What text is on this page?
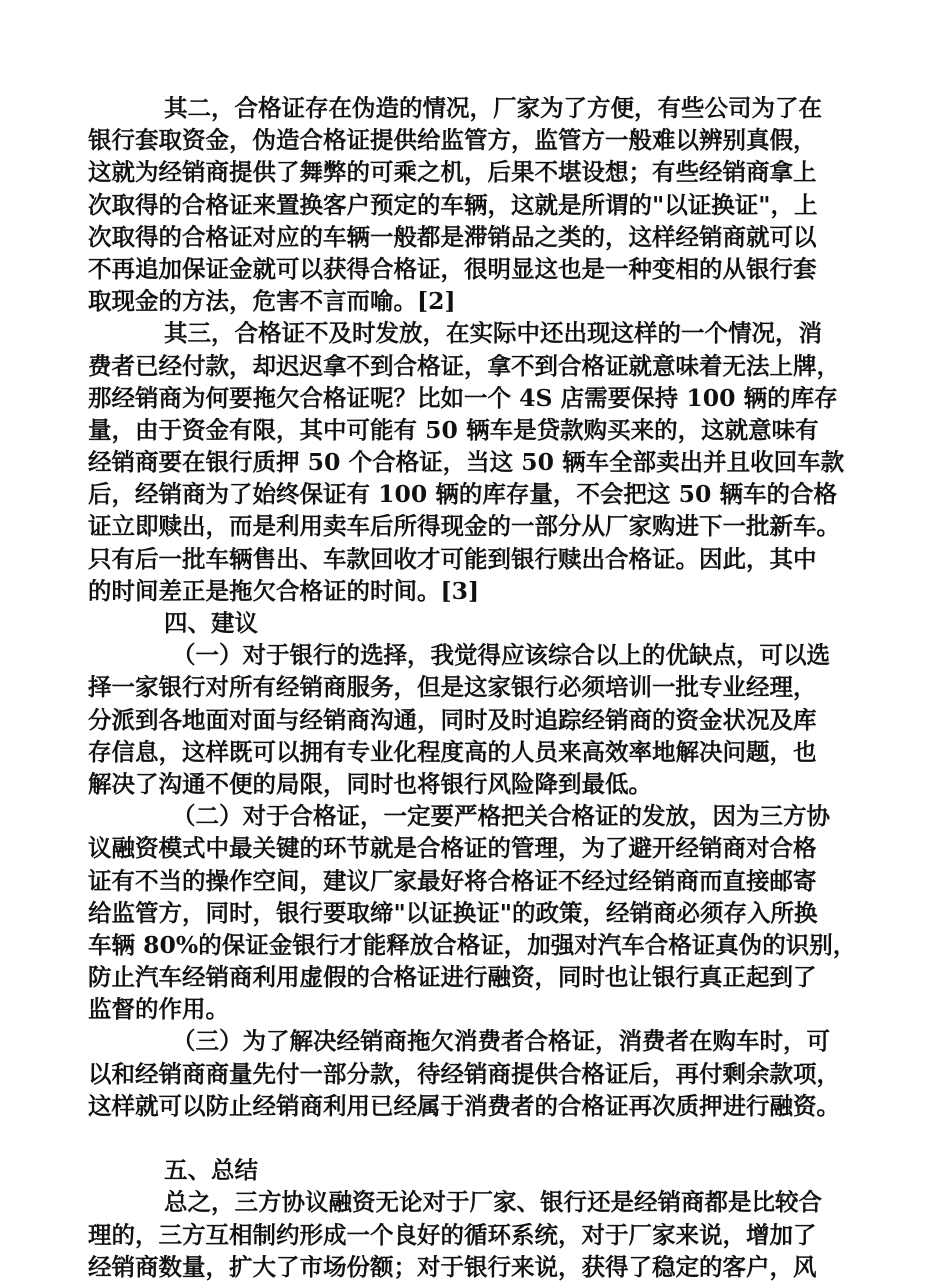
其二，合格证存在伪造的情况，厂家为了方便，有些公司为了在
银行套取资金，伪造合格证提供给监管方，监管方一般难以辨别真假，
这就为经销商提供了舞弊的可乘之机，后果不堪设想；有些经销商拿上
次取得的合格证来置换客户预定的车辆，这就是所谓的"以证换证"，上
次取得的合格证对应的车辆一般都是滞销品之类的，这样经销商就可以
不再追加保证金就可以获得合格证，很明显这也是一种变相的从银行套
取现金的方法，危害不言而喻。[2]
其三，合格证不及时发放，在实际中还出现这样的一个情况，消
费者已经付款，却迟迟拿不到合格证，拿不到合格证就意味着无法上牌，
那经销商为何要拖欠合格证呢？比如一个 4S 店需要保持 100 辆的库存
量，由于资金有限，其中可能有 50 辆车是贷款购买来的，这就意味有
经销商要在银行质押 50 个合格证，当这 50 辆车全部卖出并且收回车款
后，经销商为了始终保证有 100 辆的库存量，不会把这 50 辆车的合格
证立即赎出，而是利用卖车后所得现金的一部分从厂家购进下一批新车。
只有后一批车辆售出、车款回收才可能到银行赎出合格证。因此，其中
的时间差正是拖欠合格证的时间。[3]
四、建议
（一）对于银行的选择，我觉得应该综合以上的优缺点，可以选
择一家银行对所有经销商服务，但是这家银行必须培训一批专业经理，
分派到各地面对面与经销商沟通，同时及时追踪经销商的资金状况及库
存信息，这样既可以拥有专业化程度高的人员来高效率地解决问题，也
解决了沟通不便的局限，同时也将银行风险降到最低。
（二）对于合格证，一定要严格把关合格证的发放，因为三方协
议融资模式中最关键的环节就是合格证的管理，为了避开经销商对合格
证有不当的操作空间，建议厂家最好将合格证不经过经销商而直接邮寄
给监管方，同时，银行要取缔"以证换证"的政策，经销商必须存入所换
车辆 80%的保证金银行才能释放合格证，加强对汽车合格证真伪的识别，
防止汽车经销商利用虚假的合格证进行融资，同时也让银行真正起到了
监督的作用。
（三）为了解决经销商拖欠消费者合格证，消费者在购车时，可
以和经销商商量先付一部分款，待经销商提供合格证后，再付剩余款项，
这样就可以防止经销商利用已经属于消费者的合格证再次质押进行融资。
五、总结
总之，三方协议融资无论对于厂家、银行还是经销商都是比较合
理的，三方互相制约形成一个良好的循环系统，对于厂家来说，增加了
经销商数量，扩大了市场份额；对于银行来说，获得了稳定的客户，风
